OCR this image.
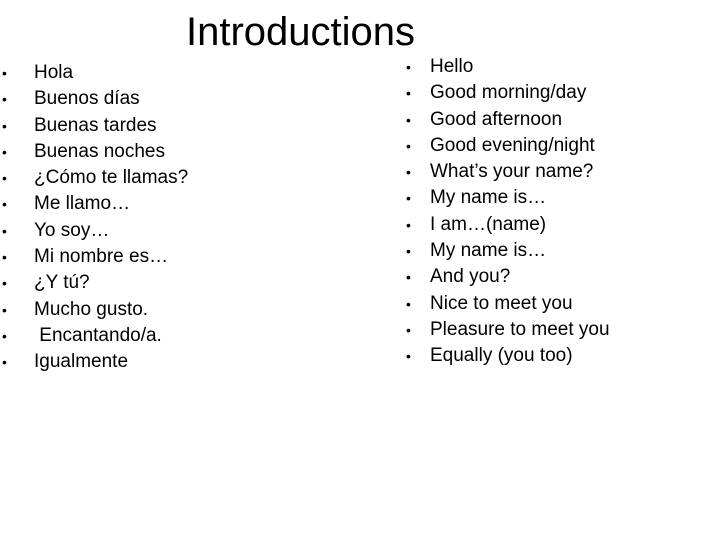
Introductions
• Hola
• Buenos días
• Buenas tardes
• Buenas noches
• ¿Cómo te llamas?
• Me llamo…
• Yo soy…
• Mi nombre es…
• ¿Y tú?
• Mucho gusto.
• Encantando/a.
• Igualmente
• Hello
• Good morning/day
• Good afternoon
• Good evening/night
• What’s your name?
• My name is…
• I am…(name)
• My name is…
• And you?
• Nice to meet you
• Pleasure to meet you
• Equally (you too)
